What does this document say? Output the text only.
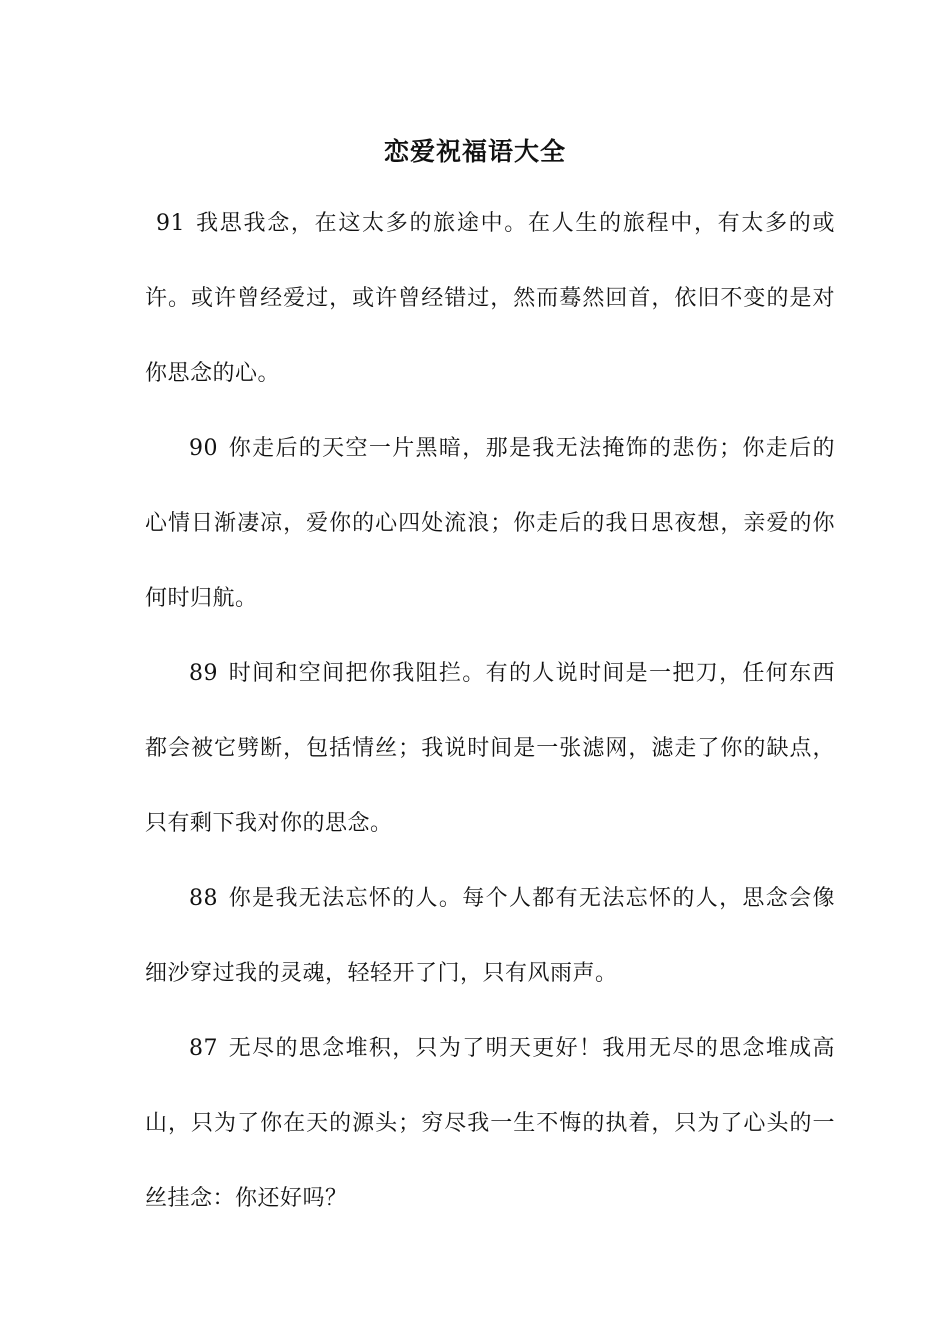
恋爱祝福语大全

91 我思我念，在这太多的旅途中。在人生的旅程中，有太多的或许。或许曾经爱过，或许曾经错过，然而蓦然回首，依旧不变的是对你思念的心。

90 你走后的天空一片黑暗，那是我无法掩饰的悲伤；你走后的心情日渐凄凉，爱你的心四处流浪；你走后的我日思夜想，亲爱的你何时归航。

89 时间和空间把你我阻拦。有的人说时间是一把刀，任何东西都会被它劈断，包括情丝；我说时间是一张滤网，滤走了你的缺点，只有剩下我对你的思念。

88 你是我无法忘怀的人。每个人都有无法忘怀的人，思念会像细沙穿过我的灵魂，轻轻开了门，只有风雨声。

87 无尽的思念堆积，只为了明天更好！我用无尽的思念堆成高山，只为了你在天的源头；穷尽我一生不悔的执着，只为了心头的一丝挂念：你还好吗？
